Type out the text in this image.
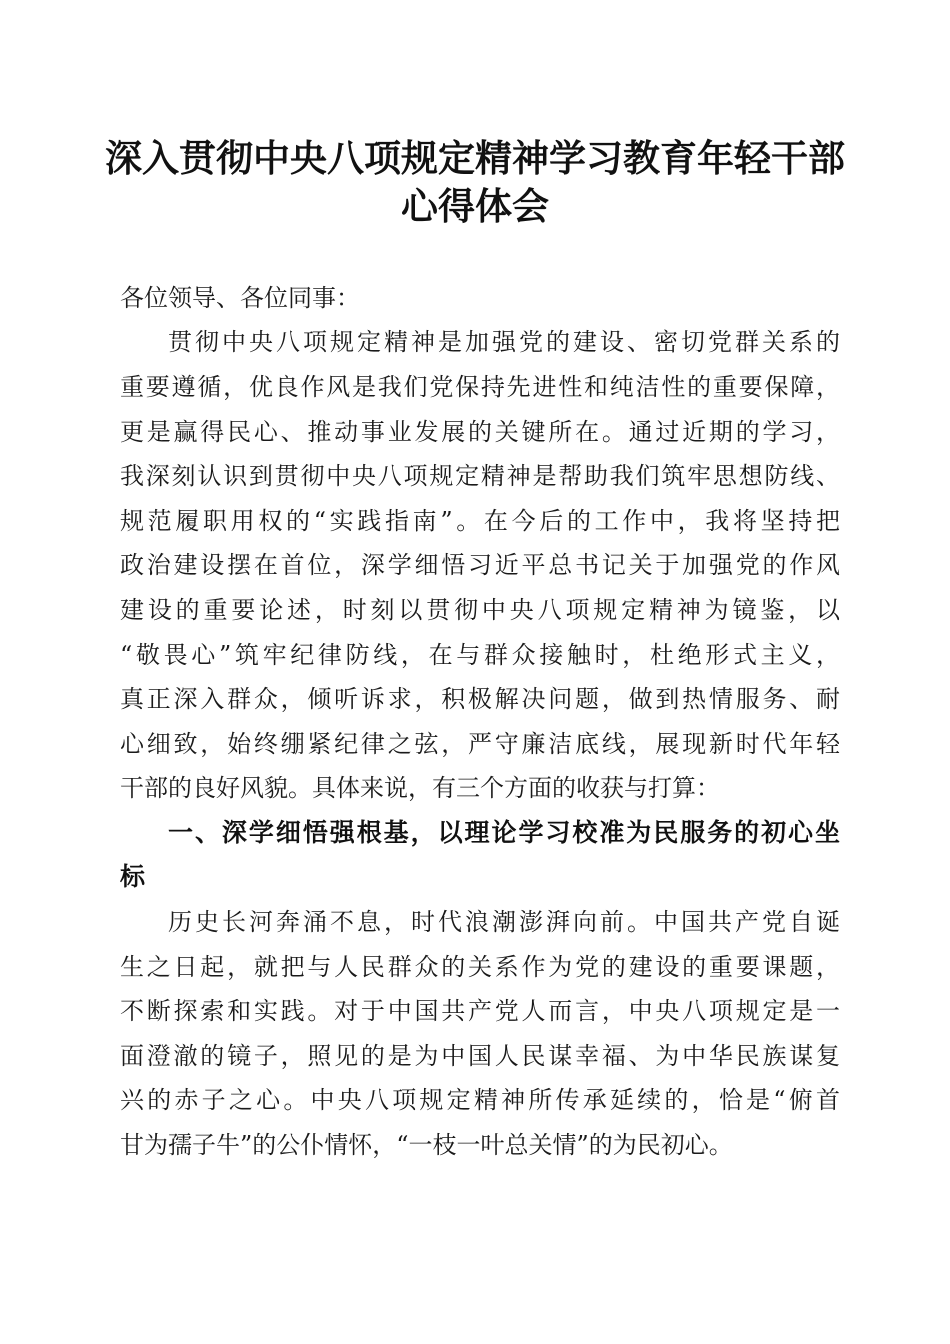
深入贯彻中央八项规定精神学习教育年轻干部
心得体会
各位领导、各位同事：
贯彻中央八项规定精神是加强党的建设、密切党群关系的
重要遵循，优良作风是我们党保持先进性和纯洁性的重要保障，
更是赢得民心、推动事业发展的关键所在。通过近期的学习，
我深刻认识到贯彻中央八项规定精神是帮助我们筑牢思想防线、
规范履职用权的“实践指南”。在今后的工作中，我将坚持把
政治建设摆在首位，深学细悟习近平总书记关于加强党的作风
建设的重要论述，时刻以贯彻中央八项规定精神为镜鉴，以
“敬畏心”筑牢纪律防线，在与群众接触时，杜绝形式主义，
真正深入群众，倾听诉求，积极解决问题，做到热情服务、耐
心细致，始终绷紧纪律之弦，严守廉洁底线，展现新时代年轻
干部的良好风貌。具体来说，有三个方面的收获与打算：
一、深学细悟强根基，以理论学习校准为民服务的初心坐
标
历史长河奔涌不息，时代浪潮澎湃向前。中国共产党自诞
生之日起，就把与人民群众的关系作为党的建设的重要课题，
不断探索和实践。对于中国共产党人而言，中央八项规定是一
面澄澈的镜子，照见的是为中国人民谋幸福、为中华民族谋复
兴的赤子之心。中央八项规定精神所传承延续的，恰是“俯首
甘为孺子牛”的公仆情怀，“一枝一叶总关情”的为民初心。
